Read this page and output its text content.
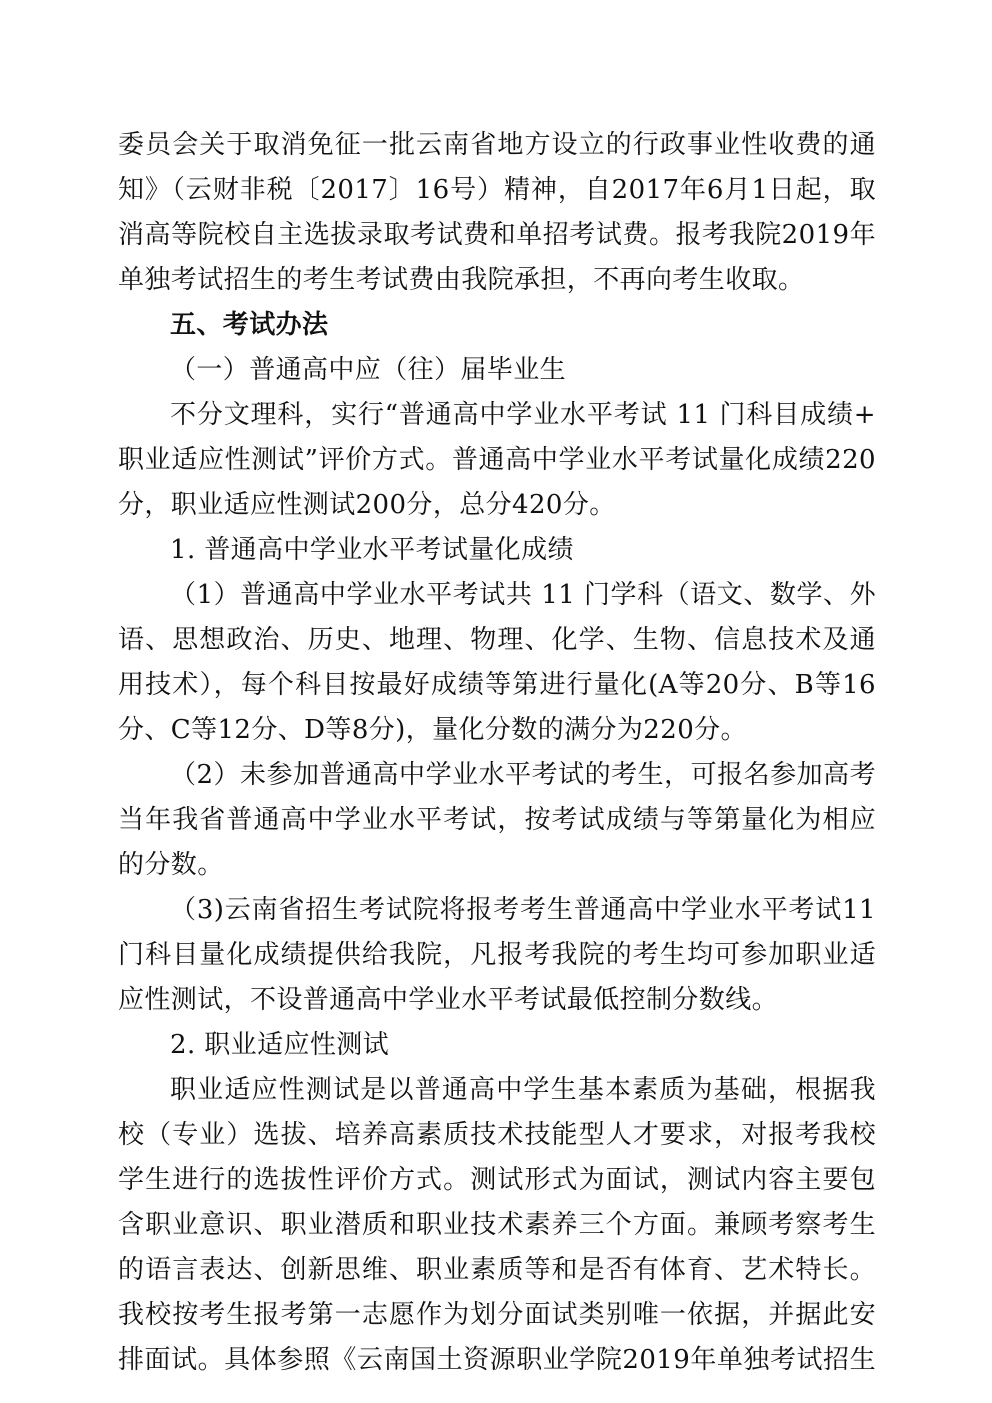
委员会关于取消免征一批云南省地方设立的行政事业性收费的通
知》（云财非税〔2017〕16号）精神，自2017年6月1日起，取
消高等院校自主选拔录取考试费和单招考试费。报考我院2019年
单独考试招生的考生考试费由我院承担，不再向考生收取。
五、考试办法
（一）普通高中应（往）届毕业生
不分文理科，实行“普通高中学业水平考试 11 门科目成绩+
职业适应性测试”评价方式。普通高中学业水平考试量化成绩220
分，职业适应性测试200分，总分420分。
1. 普通高中学业水平考试量化成绩
（1）普通高中学业水平考试共 11 门学科（语文、数学、外
语、思想政治、历史、地理、物理、化学、生物、信息技术及通
用技术），每个科目按最好成绩等第进行量化(A等20分、B等16
分、C等12分、D等8分)，量化分数的满分为220分。
（2）未参加普通高中学业水平考试的考生，可报名参加高考
当年我省普通高中学业水平考试，按考试成绩与等第量化为相应
的分数。
（3)云南省招生考试院将报考考生普通高中学业水平考试11
门科目量化成绩提供给我院，凡报考我院的考生均可参加职业适
应性测试，不设普通高中学业水平考试最低控制分数线。
2. 职业适应性测试
职业适应性测试是以普通高中学生基本素质为基础，根据我
校（专业）选拔、培养高素质技术技能型人才要求，对报考我校
学生进行的选拔性评价方式。测试形式为面试，测试内容主要包
含职业意识、职业潜质和职业技术素养三个方面。兼顾考察考生
的语言表达、创新思维、职业素质等和是否有体育、艺术特长。
我校按考生报考第一志愿作为划分面试类别唯一依据，并据此安
排面试。具体参照《云南国土资源职业学院2019年单独考试招生
